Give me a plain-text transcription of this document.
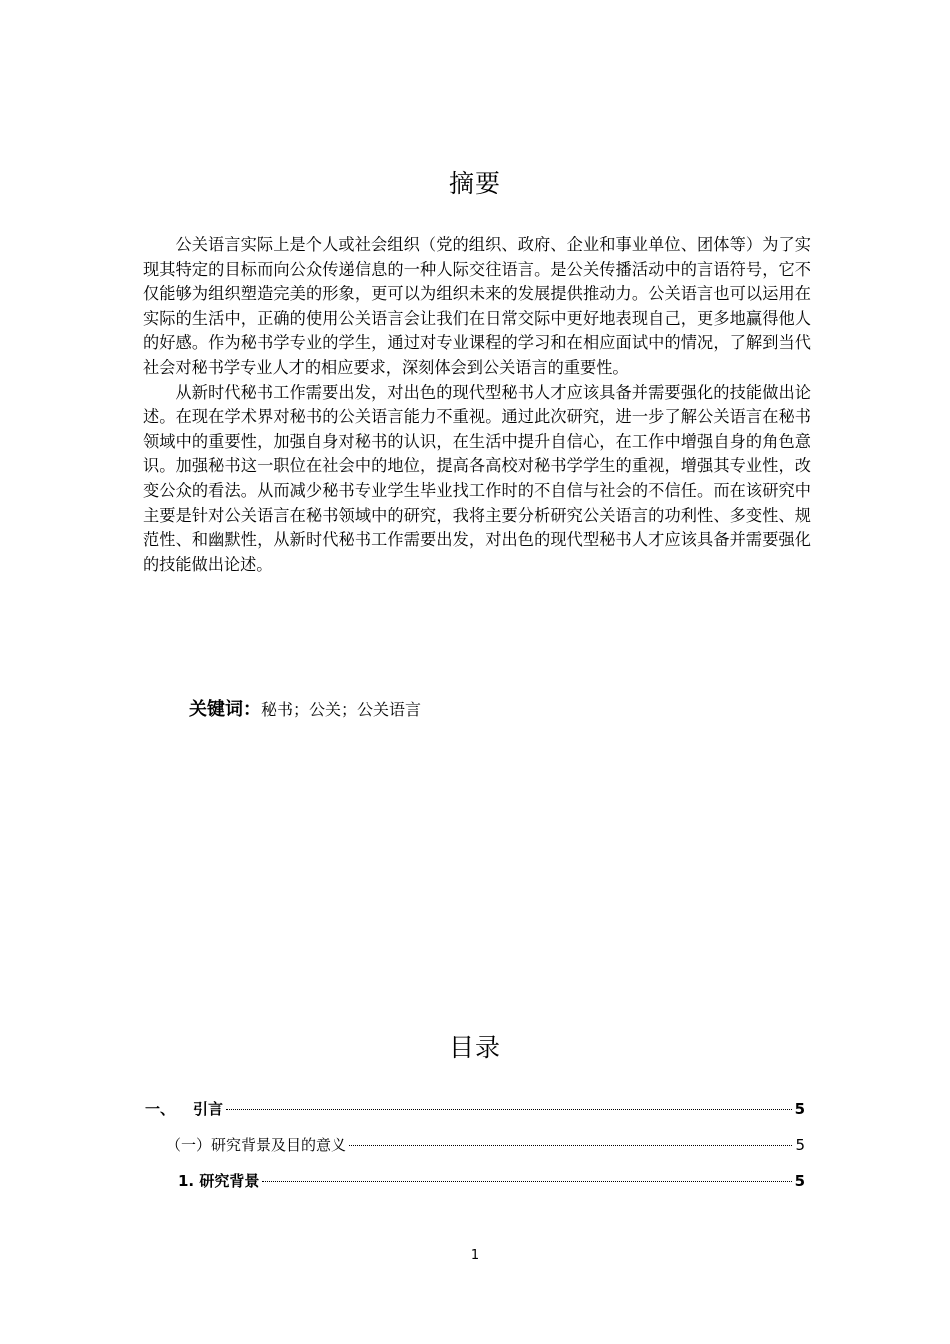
摘要

公关语言实际上是个人或社会组织（党的组织、政府、企业和事业单位、团体等）为了实现其特定的目标而向公众传递信息的一种人际交往语言。是公关传播活动中的言语符号，它不仅能够为组织塑造完美的形象，更可以为组织未来的发展提供推动力。公关语言也可以运用在实际的生活中，正确的使用公关语言会让我们在日常交际中更好地表现自己，更多地赢得他人的好感。作为秘书学专业的学生，通过对专业课程的学习和在相应面试中的情况，了解到当代社会对秘书学专业人才的相应要求，深刻体会到公关语言的重要性。

从新时代秘书工作需要出发，对出色的现代型秘书人才应该具备并需要强化的技能做出论述。在现在学术界对秘书的公关语言能力不重视。通过此次研究，进一步了解公关语言在秘书领域中的重要性，加强自身对秘书的认识，在生活中提升自信心，在工作中增强自身的角色意识。加强秘书这一职位在社会中的地位，提高各高校对秘书学学生的重视，增强其专业性，改变公众的看法。从而减少秘书专业学生毕业找工作时的不自信与社会的不信任。而在该研究中主要是针对公关语言在秘书领域中的研究，我将主要分析研究公关语言的功利性、多变性、规范性、和幽默性，从新时代秘书工作需要出发，对出色的现代型秘书人才应该具备并需要强化的技能做出论述。

关键词：秘书；公关；公关语言
目录
一、 引言	5
（一）研究背景及目的意义	5
1. 研究背景	5
1
